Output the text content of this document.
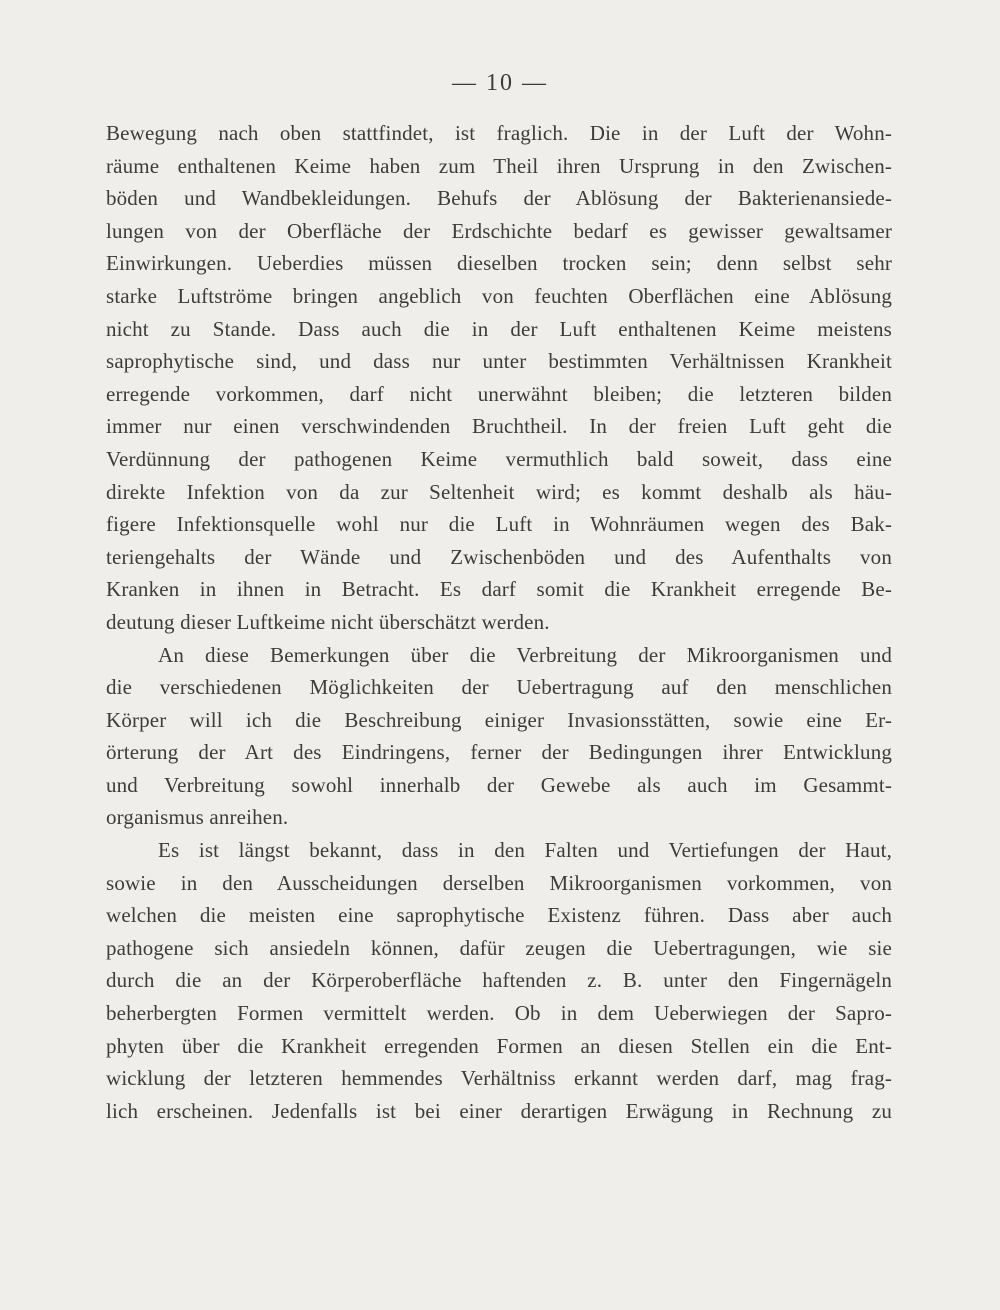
— 10 —
Bewegung nach oben stattfindet, ist fraglich. Die in der Luft der Wohn-
räume enthaltenen Keime haben zum Theil ihren Ursprung in den Zwischen-
böden und Wandbekleidungen. Behufs der Ablösung der Bakterienansiede-
lungen von der Oberfläche der Erdschichte bedarf es gewisser gewaltsamer
Einwirkungen. Ueberdies müssen dieselben trocken sein; denn selbst sehr
starke Luftströme bringen angeblich von feuchten Oberflächen eine Ablösung
nicht zu Stande. Dass auch die in der Luft enthaltenen Keime meistens
saprophytische sind, und dass nur unter bestimmten Verhältnissen Krankheit
erregende vorkommen, darf nicht unerwähnt bleiben; die letzteren bilden
immer nur einen verschwindenden Bruchtheil. In der freien Luft geht die
Verdünnung der pathogenen Keime vermuthlich bald soweit, dass eine
direkte Infektion von da zur Seltenheit wird; es kommt deshalb als häu-
figere Infektionsquelle wohl nur die Luft in Wohnräumen wegen des Bak-
teriengehalts der Wände und Zwischenböden und des Aufenthalts von
Kranken in ihnen in Betracht. Es darf somit die Krankheit erregende Be-
deutung dieser Luftkeime nicht überschätzt werden.
An diese Bemerkungen über die Verbreitung der Mikroorganismen und
die verschiedenen Möglichkeiten der Uebertragung auf den menschlichen
Körper will ich die Beschreibung einiger Invasionsstätten, sowie eine Er-
örterung der Art des Eindringens, ferner der Bedingungen ihrer Entwicklung
und Verbreitung sowohl innerhalb der Gewebe als auch im Gesammt-
organismus anreihen.
Es ist längst bekannt, dass in den Falten und Vertiefungen der Haut,
sowie in den Ausscheidungen derselben Mikroorganismen vorkommen, von
welchen die meisten eine saprophytische Existenz führen. Dass aber auch
pathogene sich ansiedeln können, dafür zeugen die Uebertragungen, wie sie
durch die an der Körperoberfläche haftenden z. B. unter den Fingernägeln
beherbergten Formen vermittelt werden. Ob in dem Ueberwiegen der Sapro-
phyten über die Krankheit erregenden Formen an diesen Stellen ein die Ent-
wicklung der letzteren hemmendes Verhältniss erkannt werden darf, mag frag-
lich erscheinen. Jedenfalls ist bei einer derartigen Erwägung in Rechnung zu
